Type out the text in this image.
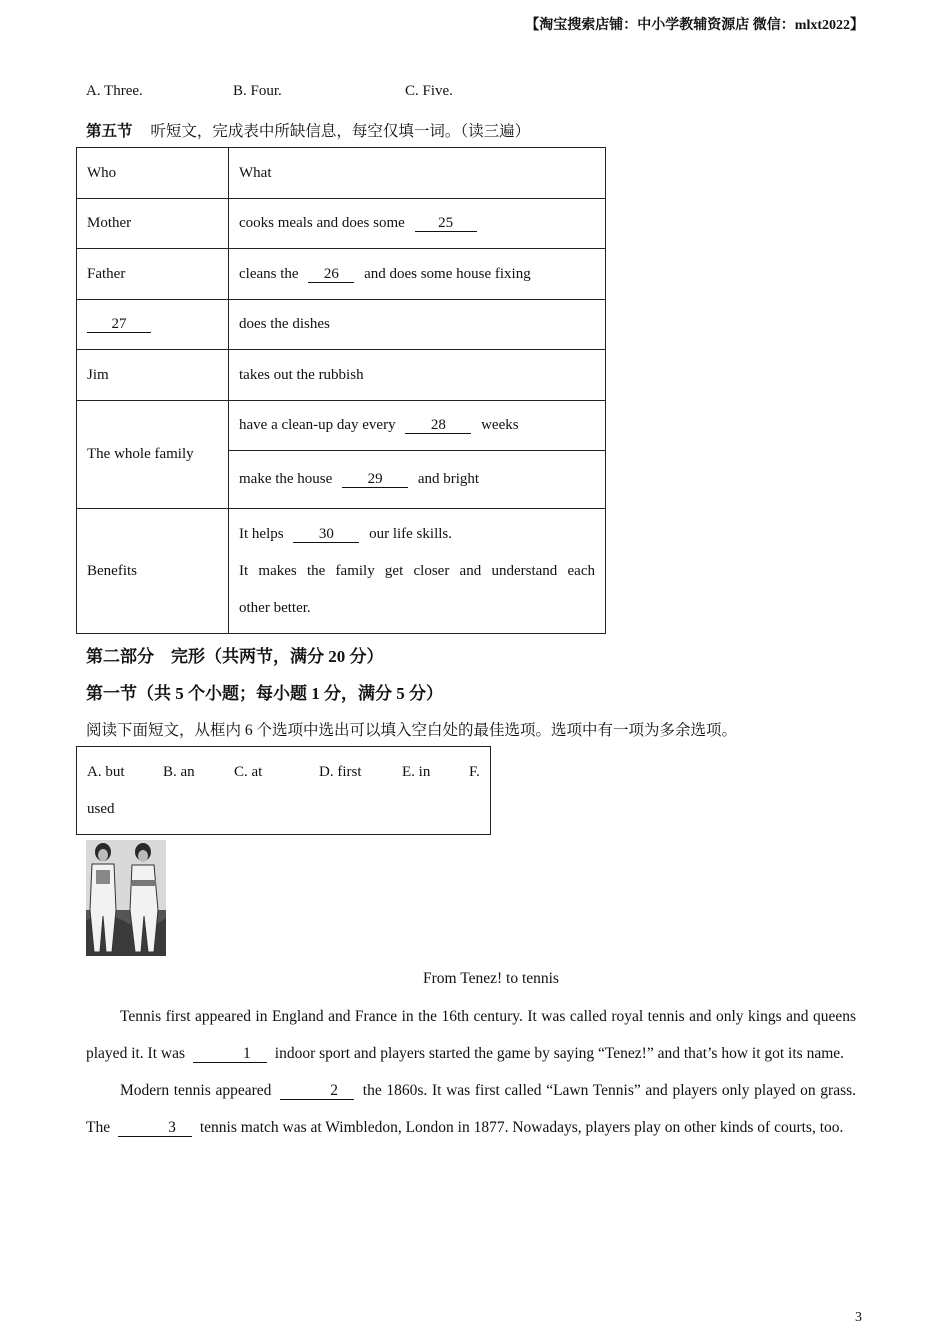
【淘宝搜索店铺：中小学教辅资源店 微信：mlxt2022】
A. Three.	B. Four.	C. Five.
第五节 听短文，完成表中所缺信息，每空仅填一词。（读三遍）
Who	What
Mother	cooks meals and does some 25
Father	cleans the 26 and does some house fixing
27	does the dishes
Jim	takes out the rubbish
The whole family	have a clean-up day every 28 weeks
	make the house 29 and bright
Benefits	It helps 30 our life skills.
It makes the family get closer and understand each
other better.
第二部分　完形（共两节，满分 20 分）
第一节（共 5 个小题；每小题 1 分，满分 5 分）
阅读下面短文，从框内 6 个选项中选出可以填入空白处的最佳选项。选项中有一项为多余选项。
A. but	B. an	C. at	D. first	E. in	F.
used
From Tenez! to tennis
Tennis first appeared in England and France in the 16th century. It was called royal tennis and only kings and queens played it. It was	1 indoor sport and players started the game by saying “Tenez!” and that’s how it got its name.
Modern tennis appeared	2 the 1860s. It was first called “Lawn Tennis” and players only played on grass. The	3 tennis match was at Wimbledon, London in 1877. Nowadays, players play on other kinds of courts, too.
3
